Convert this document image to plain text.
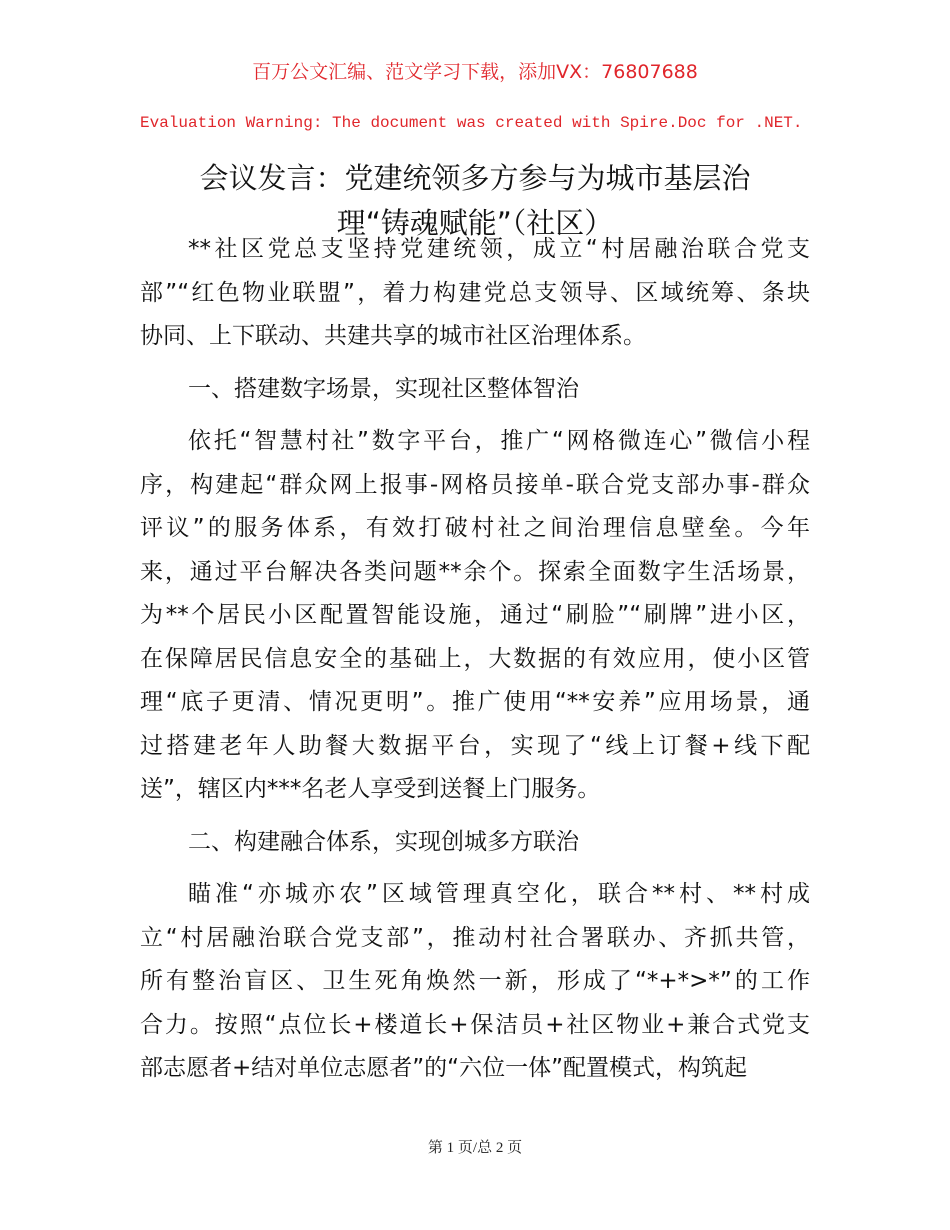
百万公文汇编、范文学习下载，添加VX：76807688
Evaluation Warning: The document was created with Spire.Doc for .NET.
会议发言：党建统领多方参与为城市基层治
理“铸魂赋能”（社区）
**社区党总支坚持党建统领，成立“村居融治联合党支
部”“红色物业联盟”，着力构建党总支领导、区域统筹、条块
协同、上下联动、共建共享的城市社区治理体系。
一、搭建数字场景，实现社区整体智治
依托“智慧村社”数字平台，推广“网格微连心”微信小程
序，构建起“群众网上报事-网格员接单-联合党支部办事-群众
评议”的服务体系，有效打破村社之间治理信息壁垒。今年
来，通过平台解决各类问题**余个。探索全面数字生活场景，
为**个居民小区配置智能设施，通过“刷脸”“刷牌”进小区，
在保障居民信息安全的基础上，大数据的有效应用，使小区管
理“底子更清、情况更明”。推广使用“**安养”应用场景，通
过搭建老年人助餐大数据平台，实现了“线上订餐+线下配
送”，辖区内***名老人享受到送餐上门服务。
二、构建融合体系，实现创城多方联治
瞄准“亦城亦农”区域管理真空化，联合**村、**村成
立“村居融治联合党支部”，推动村社合署联办、齐抓共管，
所有整治盲区、卫生死角焕然一新，形成了“*+*>*”的工作
合力。按照“点位长+楼道长+保洁员+社区物业+兼合式党支
部志愿者+结对单位志愿者”的“六位一体”配置模式，构筑起
第 1 页/总 2 页
